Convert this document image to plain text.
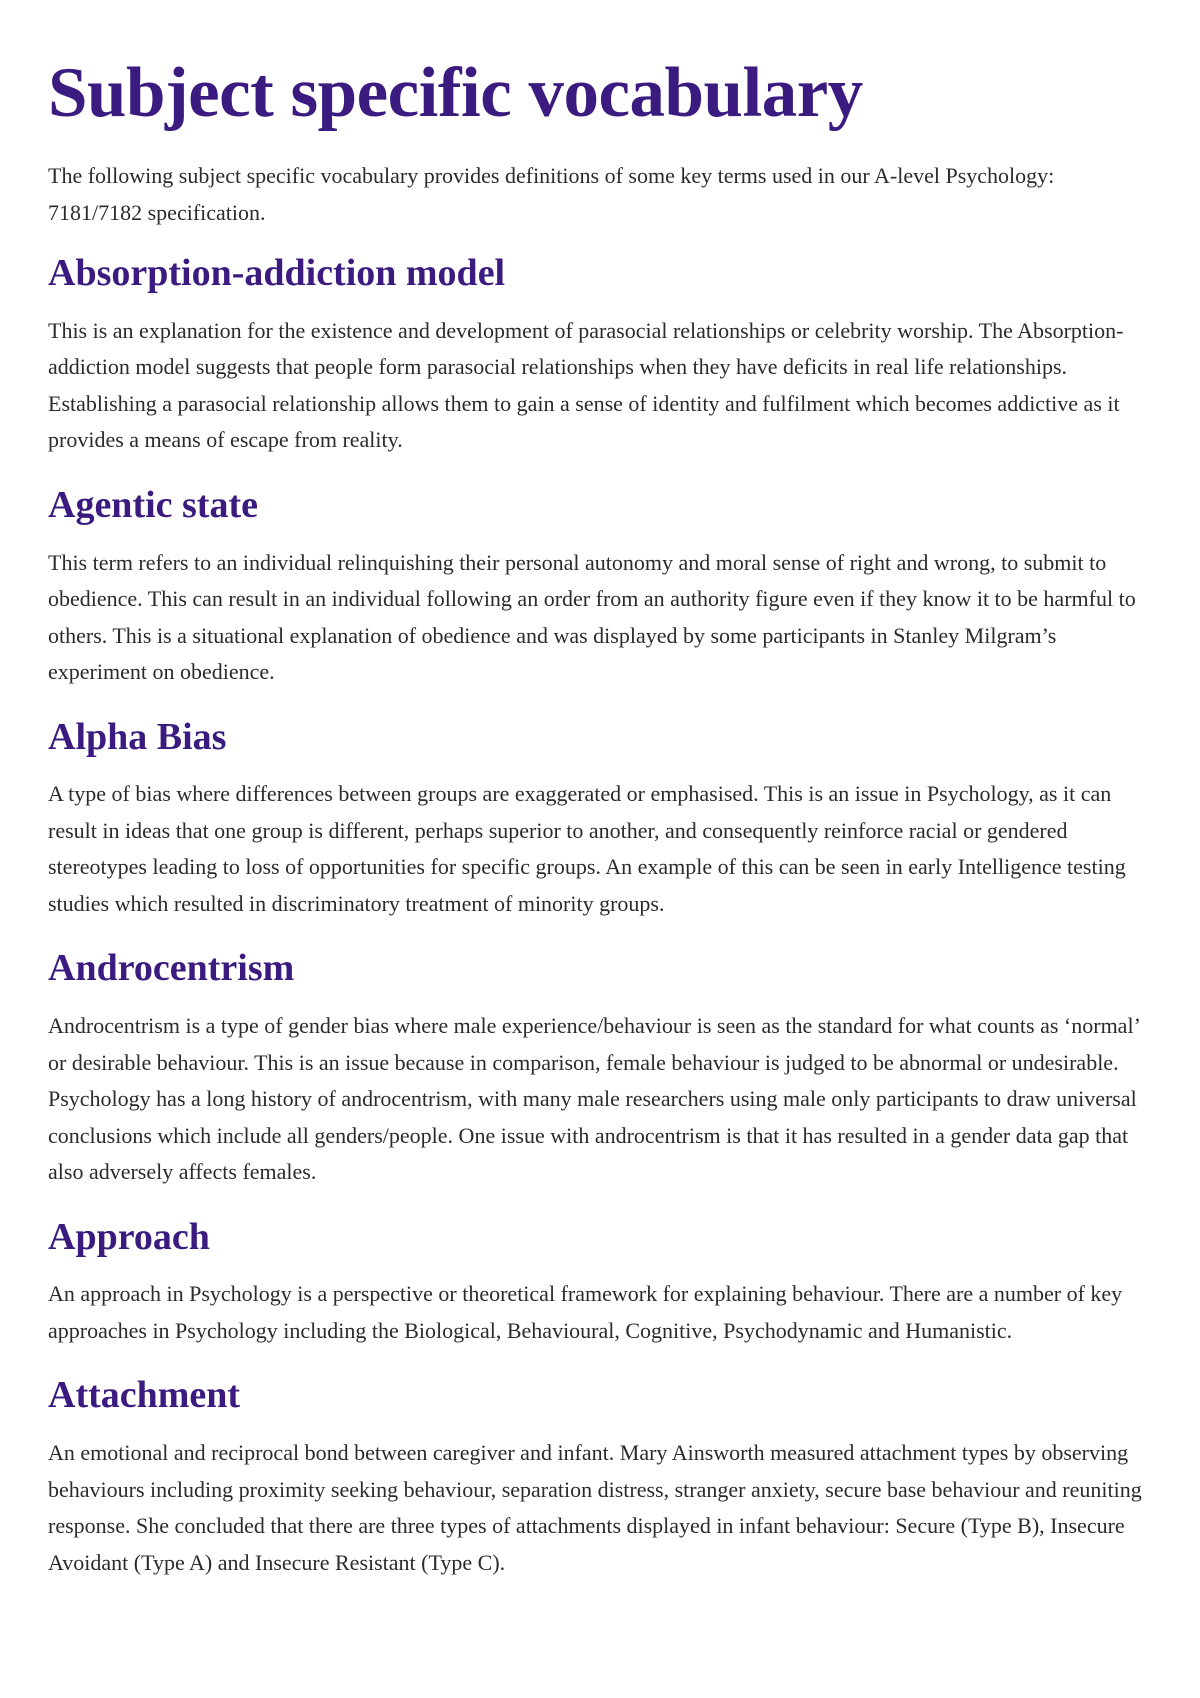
Subject specific vocabulary

The following subject specific vocabulary provides definitions of some key terms used in our A-level Psychology: 7181/7182 specification.

Absorption-addiction model

This is an explanation for the existence and development of parasocial relationships or celebrity worship. The Absorption-addiction model suggests that people form parasocial relationships when they have deficits in real life relationships. Establishing a parasocial relationship allows them to gain a sense of identity and fulfilment which becomes addictive as it provides a means of escape from reality.

Agentic state

This term refers to an individual relinquishing their personal autonomy and moral sense of right and wrong, to submit to obedience. This can result in an individual following an order from an authority figure even if they know it to be harmful to others. This is a situational explanation of obedience and was displayed by some participants in Stanley Milgram’s experiment on obedience.

Alpha Bias

A type of bias where differences between groups are exaggerated or emphasised. This is an issue in Psychology, as it can result in ideas that one group is different, perhaps superior to another, and consequently reinforce racial or gendered stereotypes leading to loss of opportunities for specific groups. An example of this can be seen in early Intelligence testing studies which resulted in discriminatory treatment of minority groups.

Androcentrism

Androcentrism is a type of gender bias where male experience/behaviour is seen as the standard for what counts as ‘normal’ or desirable behaviour. This is an issue because in comparison, female behaviour is judged to be abnormal or undesirable. Psychology has a long history of androcentrism, with many male researchers using male only participants to draw universal conclusions which include all genders/people. One issue with androcentrism is that it has resulted in a gender data gap that also adversely affects females.

Approach

An approach in Psychology is a perspective or theoretical framework for explaining behaviour. There are a number of key approaches in Psychology including the Biological, Behavioural, Cognitive, Psychodynamic and Humanistic.

Attachment

An emotional and reciprocal bond between caregiver and infant. Mary Ainsworth measured attachment types by observing behaviours including proximity seeking behaviour, separation distress, stranger anxiety, secure base behaviour and reuniting response. She concluded that there are three types of attachments displayed in infant behaviour: Secure (Type B), Insecure Avoidant (Type A) and Insecure Resistant (Type C).
